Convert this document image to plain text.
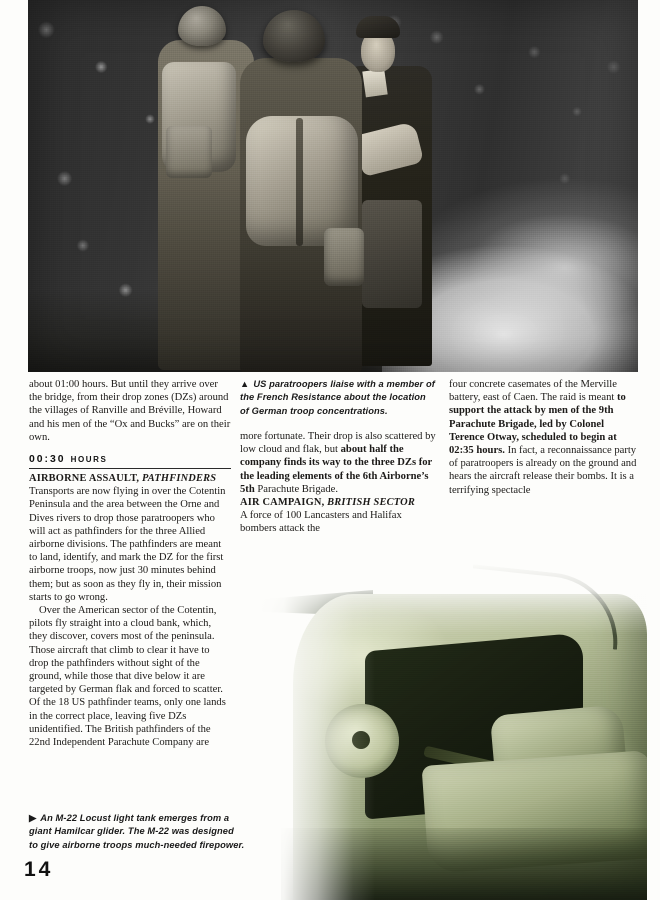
▲ US paratroopers liaise with a member of the French Resistance about the location of German troop concentrations.

about 01:00 hours. But until they arrive over the bridge, from their drop zones (DZs) around the villages of Ranville and Bréville, Howard and his men of the “Ox and Bucks” are on their own.

00:30 HOURS
AIRBORNE ASSAULT, PATHFINDERS

Transports are now flying in over the Cotentin Peninsula and the area between the Orne and Dives rivers to drop those paratroopers who will act as pathfinders for the three Allied airborne divisions. The pathfinders are meant to land, identify, and mark the DZ for the first airborne troops, now just 30 minutes behind them; but as soon as they fly in, their mission starts to go wrong.

Over the American sector of the Cotentin, pilots fly straight into a cloud bank, which, they discover, covers most of the peninsula. Those aircraft that climb to clear it have to drop the pathfinders without sight of the ground, while those that dive below it are targeted by German flak and forced to scatter. Of the 18 US pathfinder teams, only one lands in the correct place, leaving five DZs unidentified. The British pathfinders of the 22nd Independent Parachute Company are

more fortunate. Their drop is also scattered by low cloud and flak, but about half the company finds its way to the three DZs for the leading elements of the 6th Airborne’s 5th Parachute Brigade.

AIR CAMPAIGN, BRITISH SECTOR

A force of 100 Lancasters and Halifax bombers attack the

four concrete casemates of the Merville battery, east of Caen. The raid is meant to support the attack by men of the 9th Parachute Brigade, led by Colonel Terence Otway, scheduled to begin at 02:35 hours. In fact, a reconnaissance party of paratroopers is already on the ground and hears the aircraft release their bombs. It is a terrifying spectacle

▶ An M-22 Locust light tank emerges from a giant Hamilcar glider. The M-22 was designed to give airborne troops much-needed firepower.
14
